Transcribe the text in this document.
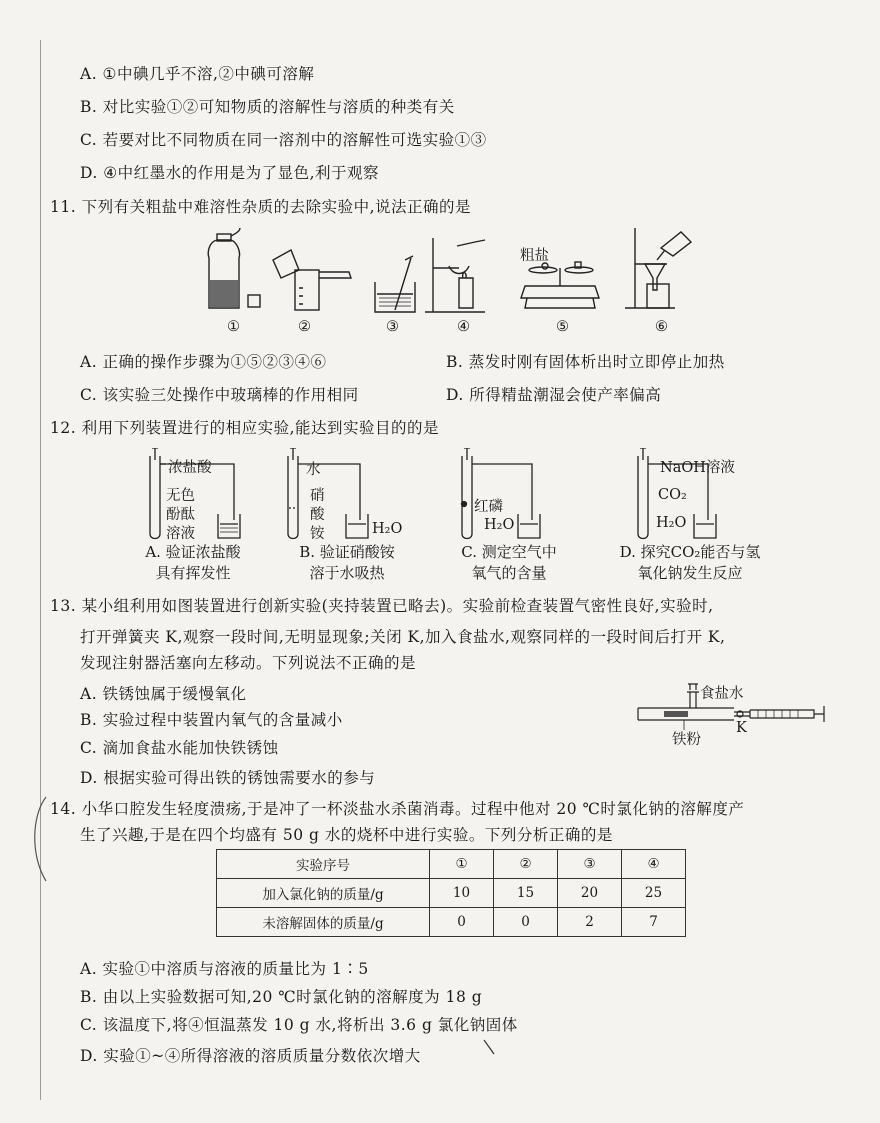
A. ①中碘几乎不溶,②中碘可溶解
B. 对比实验①②可知物质的溶解性与溶质的种类有关
C. 若要对比不同物质在同一溶剂中的溶解性可选实验①③
D. ④中红墨水的作用是为了显色,利于观察
11. 下列有关粗盐中难溶性杂质的去除实验中,说法正确的是
粗盐
①	②	③	④	⑤	⑥
A. 正确的操作步骤为①⑤②③④⑥	B. 蒸发时刚有固体析出时立即停止加热
C. 该实验三处操作中玻璃棒的作用相同	D. 所得精盐潮湿会使产率偏高
12. 利用下列装置进行的相应实验,能达到实验目的的是
浓盐酸
无色
酚酞
溶液
水
硝
酸
铵	H₂O
红磷
H₂O
NaOH溶液
CO₂
H₂O
A. 验证浓盐酸
具有挥发性
B. 验证硝酸铵
溶于水吸热
C. 测定空气中
氧气的含量
D. 探究CO₂能否与氢
氧化钠发生反应
13. 某小组利用如图装置进行创新实验(夹持装置已略去)。实验前检查装置气密性良好,实验时,
打开弹簧夹 K,观察一段时间,无明显现象;关闭 K,加入食盐水,观察同样的一段时间后打开 K,
发现注射器活塞向左移动。下列说法不正确的是
A. 铁锈蚀属于缓慢氧化
B. 实验过程中装置内氧气的含量减小
C. 滴加食盐水能加快铁锈蚀
D. 根据实验可得出铁的锈蚀需要水的参与
食盐水
铁粉
K
14. 小华口腔发生轻度溃疡,于是冲了一杯淡盐水杀菌消毒。过程中他对 20 ℃时氯化钠的溶解度产
生了兴趣,于是在四个均盛有 50 g 水的烧杯中进行实验。下列分析正确的是
实验序号	①	②	③	④
加入氯化钠的质量/g	10	15	20	25
未溶解固体的质量/g	0	0	2	7
A. 实验①中溶质与溶液的质量比为 1∶5
B. 由以上实验数据可知,20 ℃时氯化钠的溶解度为 18 g
C. 该温度下,将④恒温蒸发 10 g 水,将析出 3.6 g 氯化钠固体
D. 实验①~④所得溶液的溶质质量分数依次增大
